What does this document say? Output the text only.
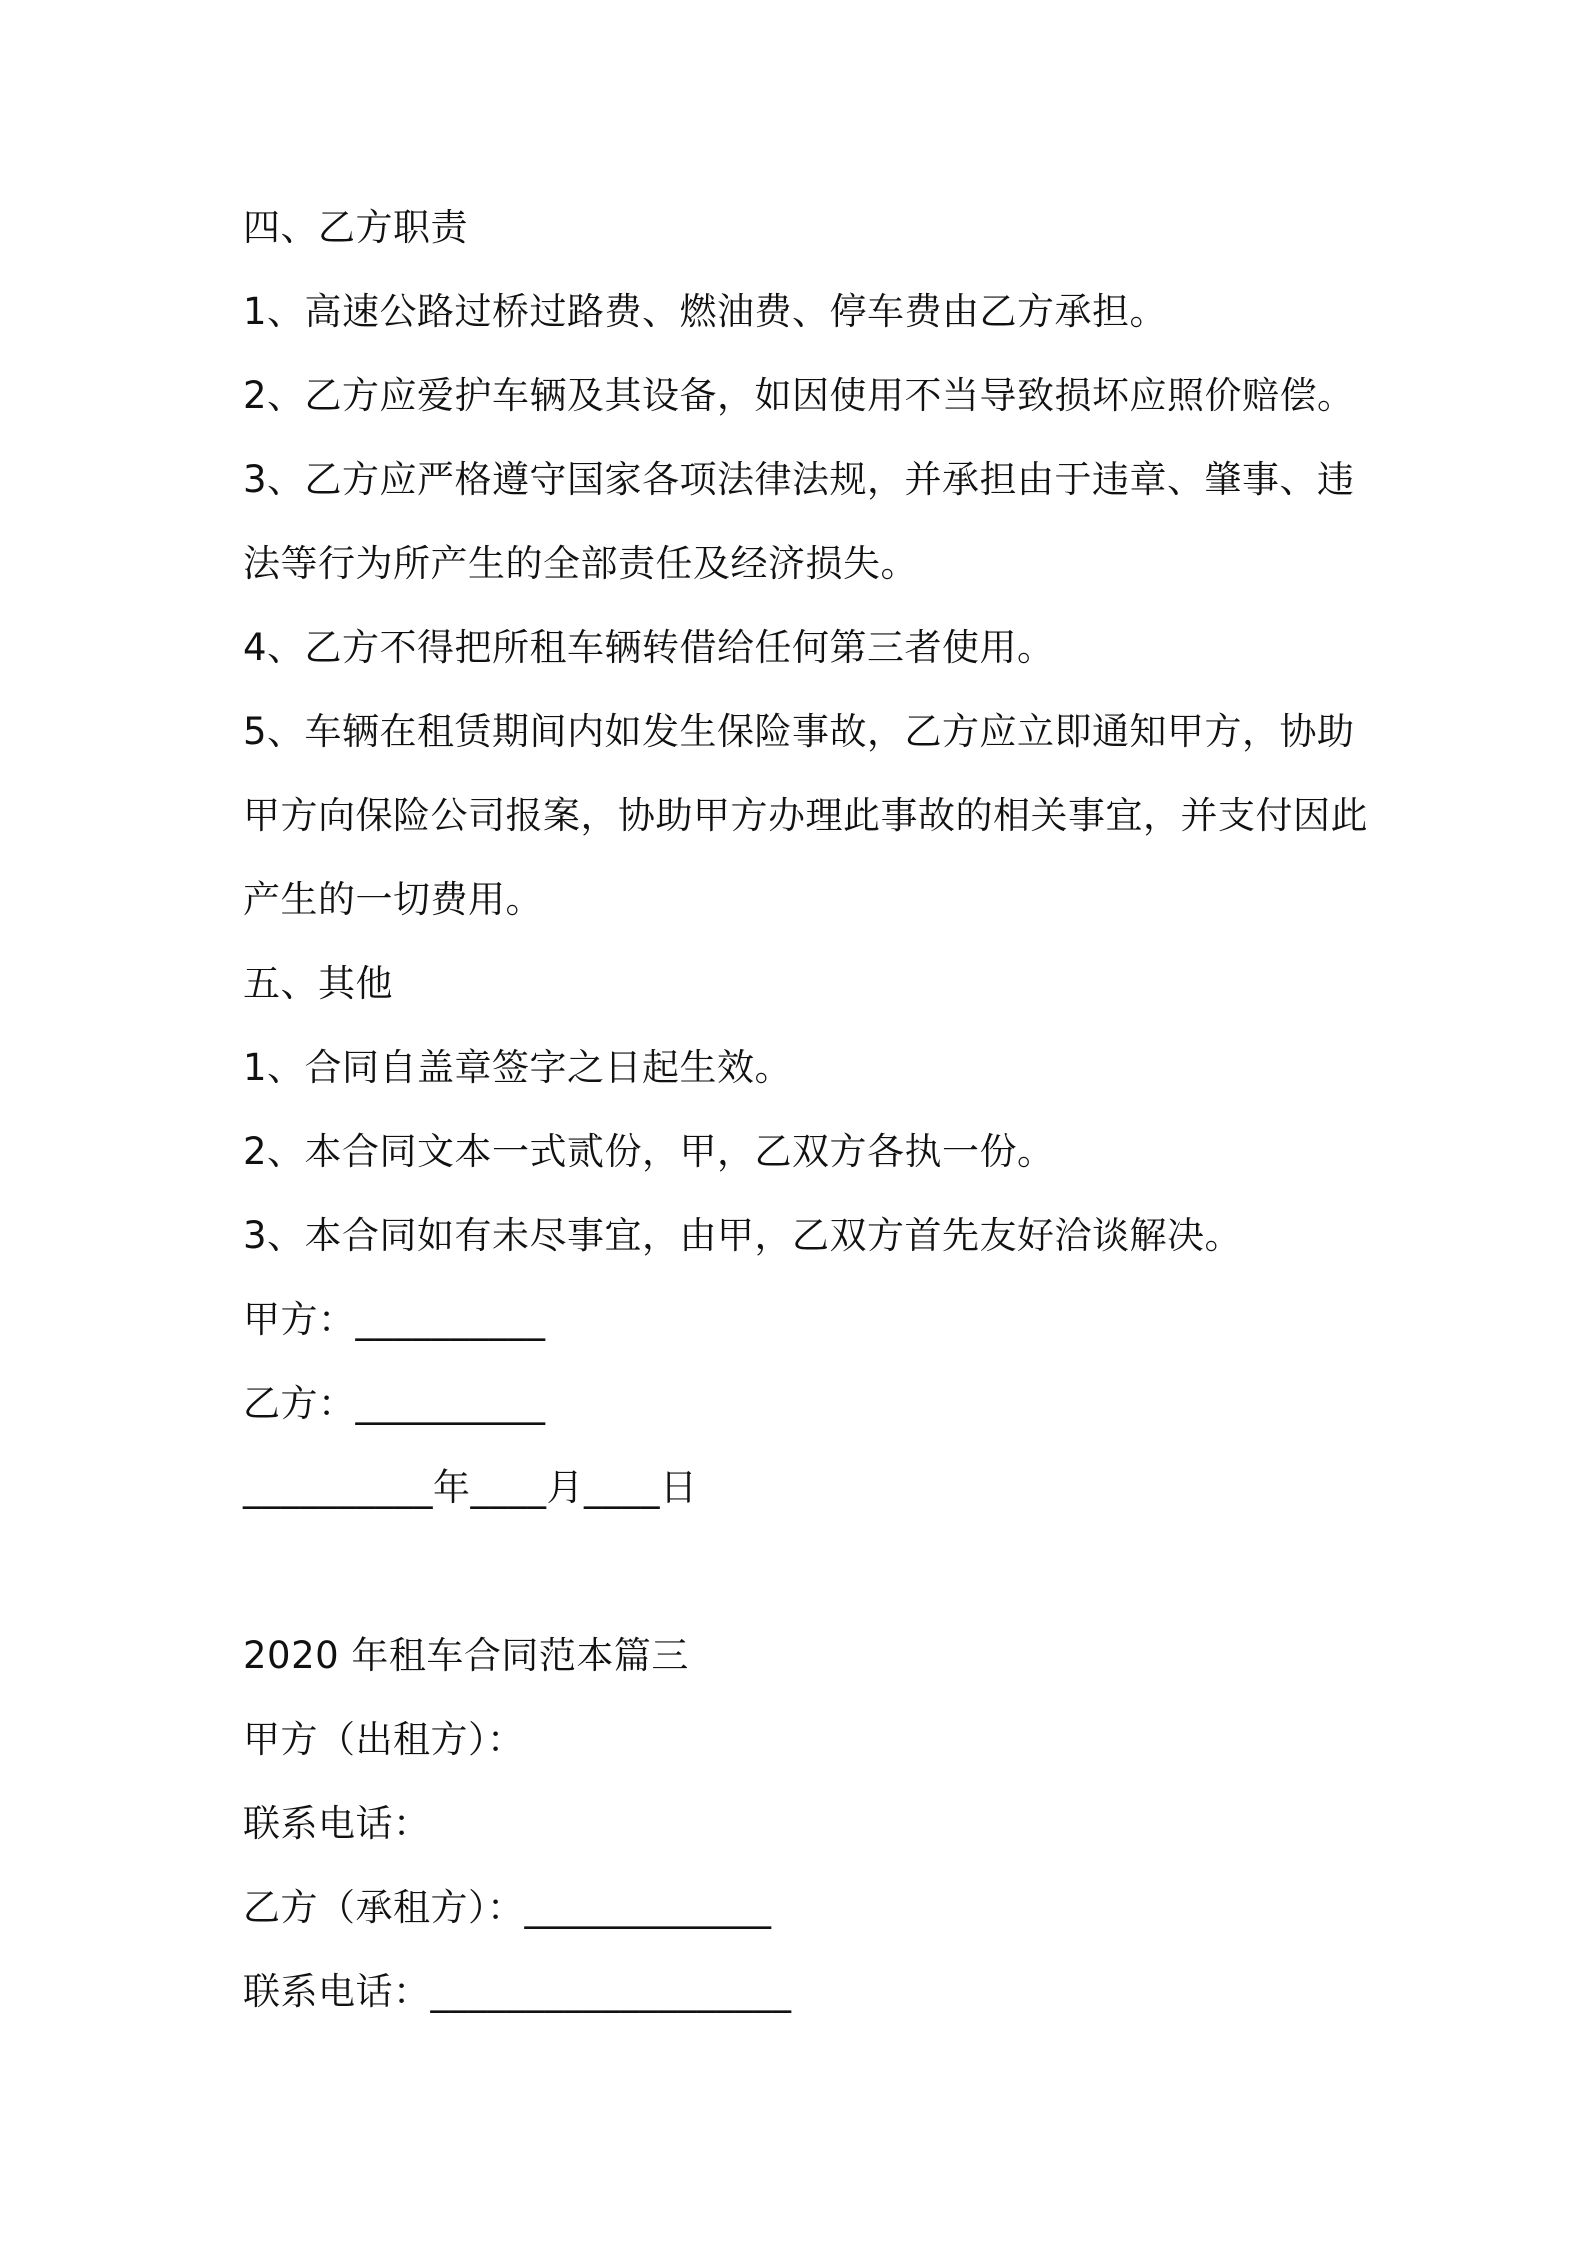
四、乙方职责
1、高速公路过桥过路费、燃油费、停车费由乙方承担。
2、乙方应爱护车辆及其设备，如因使用不当导致损坏应照价赔偿。
3、乙方应严格遵守国家各项法律法规，并承担由于违章、肇事、违
法等行为所产生的全部责任及经济损失。
4、乙方不得把所租车辆转借给任何第三者使用。
5、车辆在租赁期间内如发生保险事故，乙方应立即通知甲方，协助
甲方向保险公司报案，协助甲方办理此事故的相关事宜，并支付因此
产生的一切费用。
五、其他
1、合同自盖章签字之日起生效。
2、本合同文本一式贰份，甲，乙双方各执一份。
3、本合同如有未尽事宜，由甲，乙双方首先友好洽谈解决。
甲方：__________
乙方：__________
__________年____月____日
2020 年租车合同范本篇三
甲方（出租方）：
联系电话：
乙方（承租方）：_____________
联系电话：___________________
